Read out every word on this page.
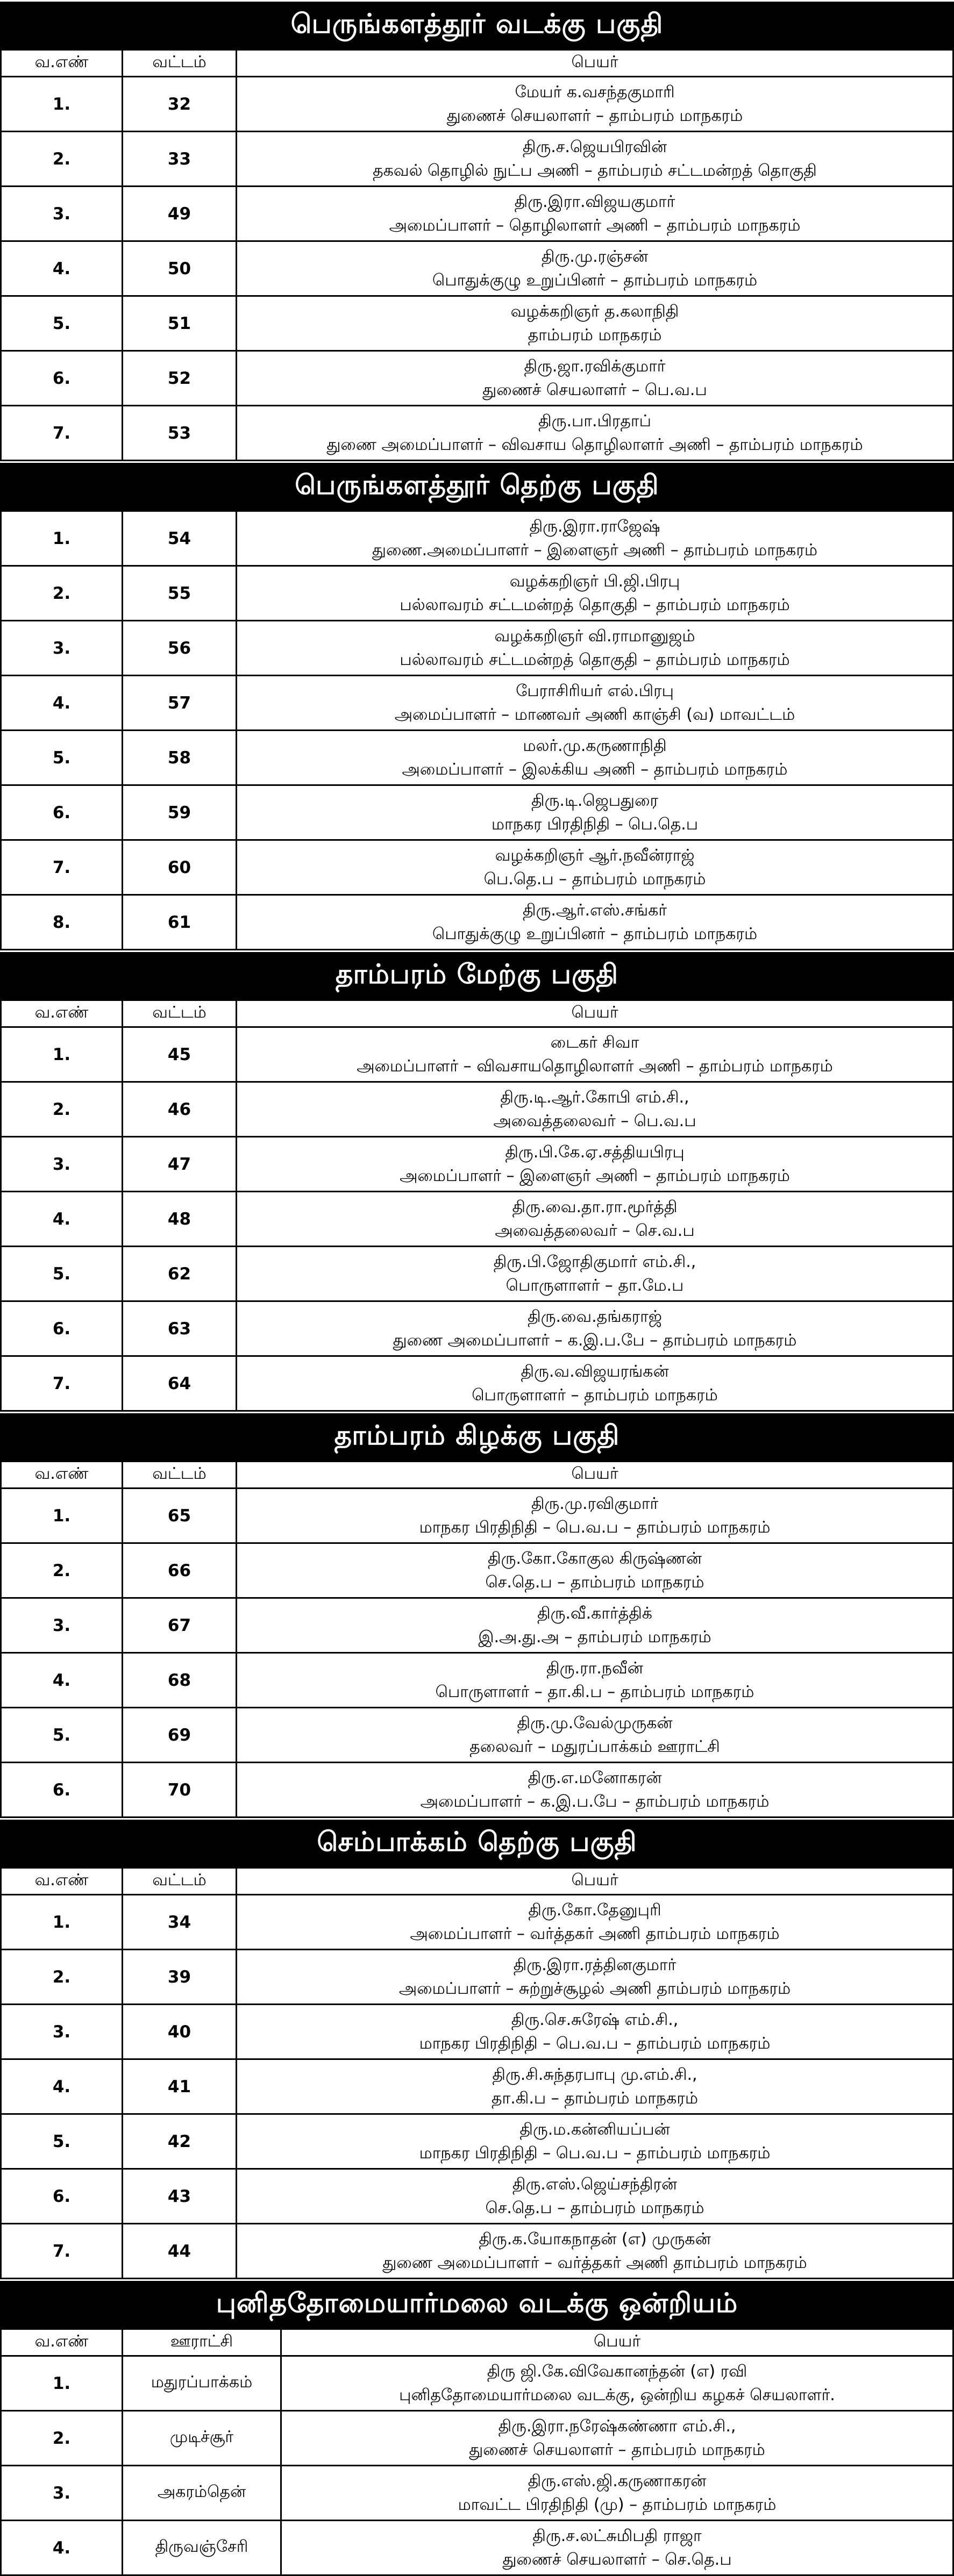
பெருங்களத்தூர் வடக்கு பகுதி
வ.எண்	வட்டம்	பெயர்
1.	32	மேயர் க.வசந்தகுமாரி
துணைச் செயலாளர் – தாம்பரம் மாநகரம்

2.	33	திரு.ச.ஜெயபிரவின்
தகவல் தொழில் நுட்ப அணி – தாம்பரம் சட்டமன்றத் தொகுதி

3.	49	திரு.இரா.விஜயகுமார்
அமைப்பாளர் – தொழிலாளர் அணி – தாம்பரம் மாநகரம்

4.	50	திரு.மு.ரஞ்சன்
பொதுக்குழு உறுப்பினர் – தாம்பரம் மாநகரம்

5.	51	வழக்கறிஞர் த.கலாநிதி
தாம்பரம் மாநகரம்

6.	52	திரு.ஜா.ரவிக்குமார்
துணைச் செயலாளர் – பெ.வ.ப

7.	53	திரு.பா.பிரதாப்
துணை அமைப்பாளர் – விவசாய தொழிலாளர் அணி – தாம்பரம் மாநகரம்
பெருங்களத்தூர் தெற்கு பகுதி
1.	54	திரு.இரா.ராஜேஷ்
துணை.அமைப்பாளர் – இளைஞர் அணி – தாம்பரம் மாநகரம்

2.	55	வழக்கறிஞர் பி.ஜி.பிரபு
பல்லாவரம் சட்டமன்றத் தொகுதி – தாம்பரம் மாநகரம்

3.	56	வழக்கறிஞர் வி.ராமானுஜம்
பல்லாவரம் சட்டமன்றத் தொகுதி – தாம்பரம் மாநகரம்

4.	57	பேராசிரியர் எல்.பிரபு
அமைப்பாளர் – மாணவர் அணி காஞ்சி (வ) மாவட்டம்

5.	58	மலர்.மு.கருணாநிதி
அமைப்பாளர் – இலக்கிய அணி – தாம்பரம் மாநகரம்

6.	59	திரு.டி.ஜெபதுரை
மாநகர பிரதிநிதி – பெ.தெ.ப

7.	60	வழக்கறிஞர் ஆர்.நவீன்ராஜ்
பெ.தெ.ப – தாம்பரம் மாநகரம்

8.	61	திரு.ஆர்.எஸ்.சங்கர்
பொதுக்குழு உறுப்பினர் – தாம்பரம் மாநகரம்
தாம்பரம் மேற்கு பகுதி
வ.எண்	வட்டம்	பெயர்
1.	45	டைகர் சிவா
அமைப்பாளர் – விவசாயதொழிலாளர் அணி – தாம்பரம் மாநகரம்

2.	46	திரு.டி.ஆர்.கோபி எம்.சி.,
அவைத்தலைவர் – பெ.வ.ப

3.	47	திரு.பி.கே.ஏ.சத்தியபிரபு
அமைப்பாளர் – இளைஞர் அணி – தாம்பரம் மாநகரம்

4.	48	திரு.வை.தா.ரா.மூர்த்தி
அவைத்தலைவர் – செ.வ.ப

5.	62	திரு.பி.ஜோதிகுமார் எம்.சி.,
பொருளாளர் – தா.மே.ப

6.	63	திரு.வை.தங்கராஜ்
துணை அமைப்பாளர் – க.இ.ப.பே – தாம்பரம் மாநகரம்

7.	64	திரு.வ.விஜயரங்கன்
பொருளாளர் – தாம்பரம் மாநகரம்
தாம்பரம் கிழக்கு பகுதி
வ.எண்	வட்டம்	பெயர்
1.	65	திரு.மு.ரவிகுமார்
மாநகர பிரதிநிதி – பெ.வ.ப – தாம்பரம் மாநகரம்

2.	66	திரு.கோ.கோகுல கிருஷ்ணன்
செ.தெ.ப – தாம்பரம் மாநகரம்

3.	67	திரு.வீ.கார்த்திக்
இ.அ.து.அ – தாம்பரம் மாநகரம்

4.	68	திரு.ரா.நவீன்
பொருளாளர் – தா.கி.ப – தாம்பரம் மாநகரம்

5.	69	திரு.மு.வேல்முருகன்
தலைவர் – மதுரப்பாக்கம் ஊராட்சி

6.	70	திரு.எ.மனோகரன்
அமைப்பாளர் – க.இ.ப.பே – தாம்பரம் மாநகரம்
செம்பாக்கம் தெற்கு பகுதி
வ.எண்	வட்டம்	பெயர்
1.	34	திரு.கோ.தேனுபுரி
அமைப்பாளர் – வர்த்தகர் அணி தாம்பரம் மாநகரம்

2.	39	திரு.இரா.ரத்தினகுமார்
அமைப்பாளர் – சுற்றுச்சூழல் அணி தாம்பரம் மாநகரம்

3.	40	திரு.செ.சுரேஷ் எம்.சி.,
மாநகர பிரதிநிதி – பெ.வ.ப – தாம்பரம் மாநகரம்

4.	41	திரு.சி.சுந்தரபாபு மு.எம்.சி.,
தா.கி.ப – தாம்பரம் மாநகரம்

5.	42	திரு.ம.கன்னியப்பன்
மாநகர பிரதிநிதி – பெ.வ.ப – தாம்பரம் மாநகரம்

6.	43	திரு.எஸ்.ஜெய்சந்திரன்
செ.தெ.ப – தாம்பரம் மாநகரம்

7.	44	திரு.க.யோகநாதன் (எ) முருகன்
துணை அமைப்பாளர் – வர்த்தகர் அணி தாம்பரம் மாநகரம்
புனிததோமையார்மலை வடக்கு ஒன்றியம்
வ.எண்	ஊராட்சி	பெயர்
1.	மதுரப்பாக்கம்	திரு ஜி.கே.விவேகானந்தன் (எ) ரவி
புனிததோமையார்மலை வடக்கு, ஒன்றிய கழகச் செயலாளர்.

2.	முடிச்சூர்	திரு.இரா.நரேஷ்கண்ணா எம்.சி.,
துணைச் செயலாளர் – தாம்பரம் மாநகரம்

3.	அகரம்தென்	திரு.எஸ்.ஜி.கருணாகரன்
மாவட்ட பிரதிநிதி (மு) – தாம்பரம் மாநகரம்

4.	திருவஞ்சேரி	திரு.ச.லட்சுமிபதி ராஜா
துணைச் செயலாளர் – செ.தெ.ப
